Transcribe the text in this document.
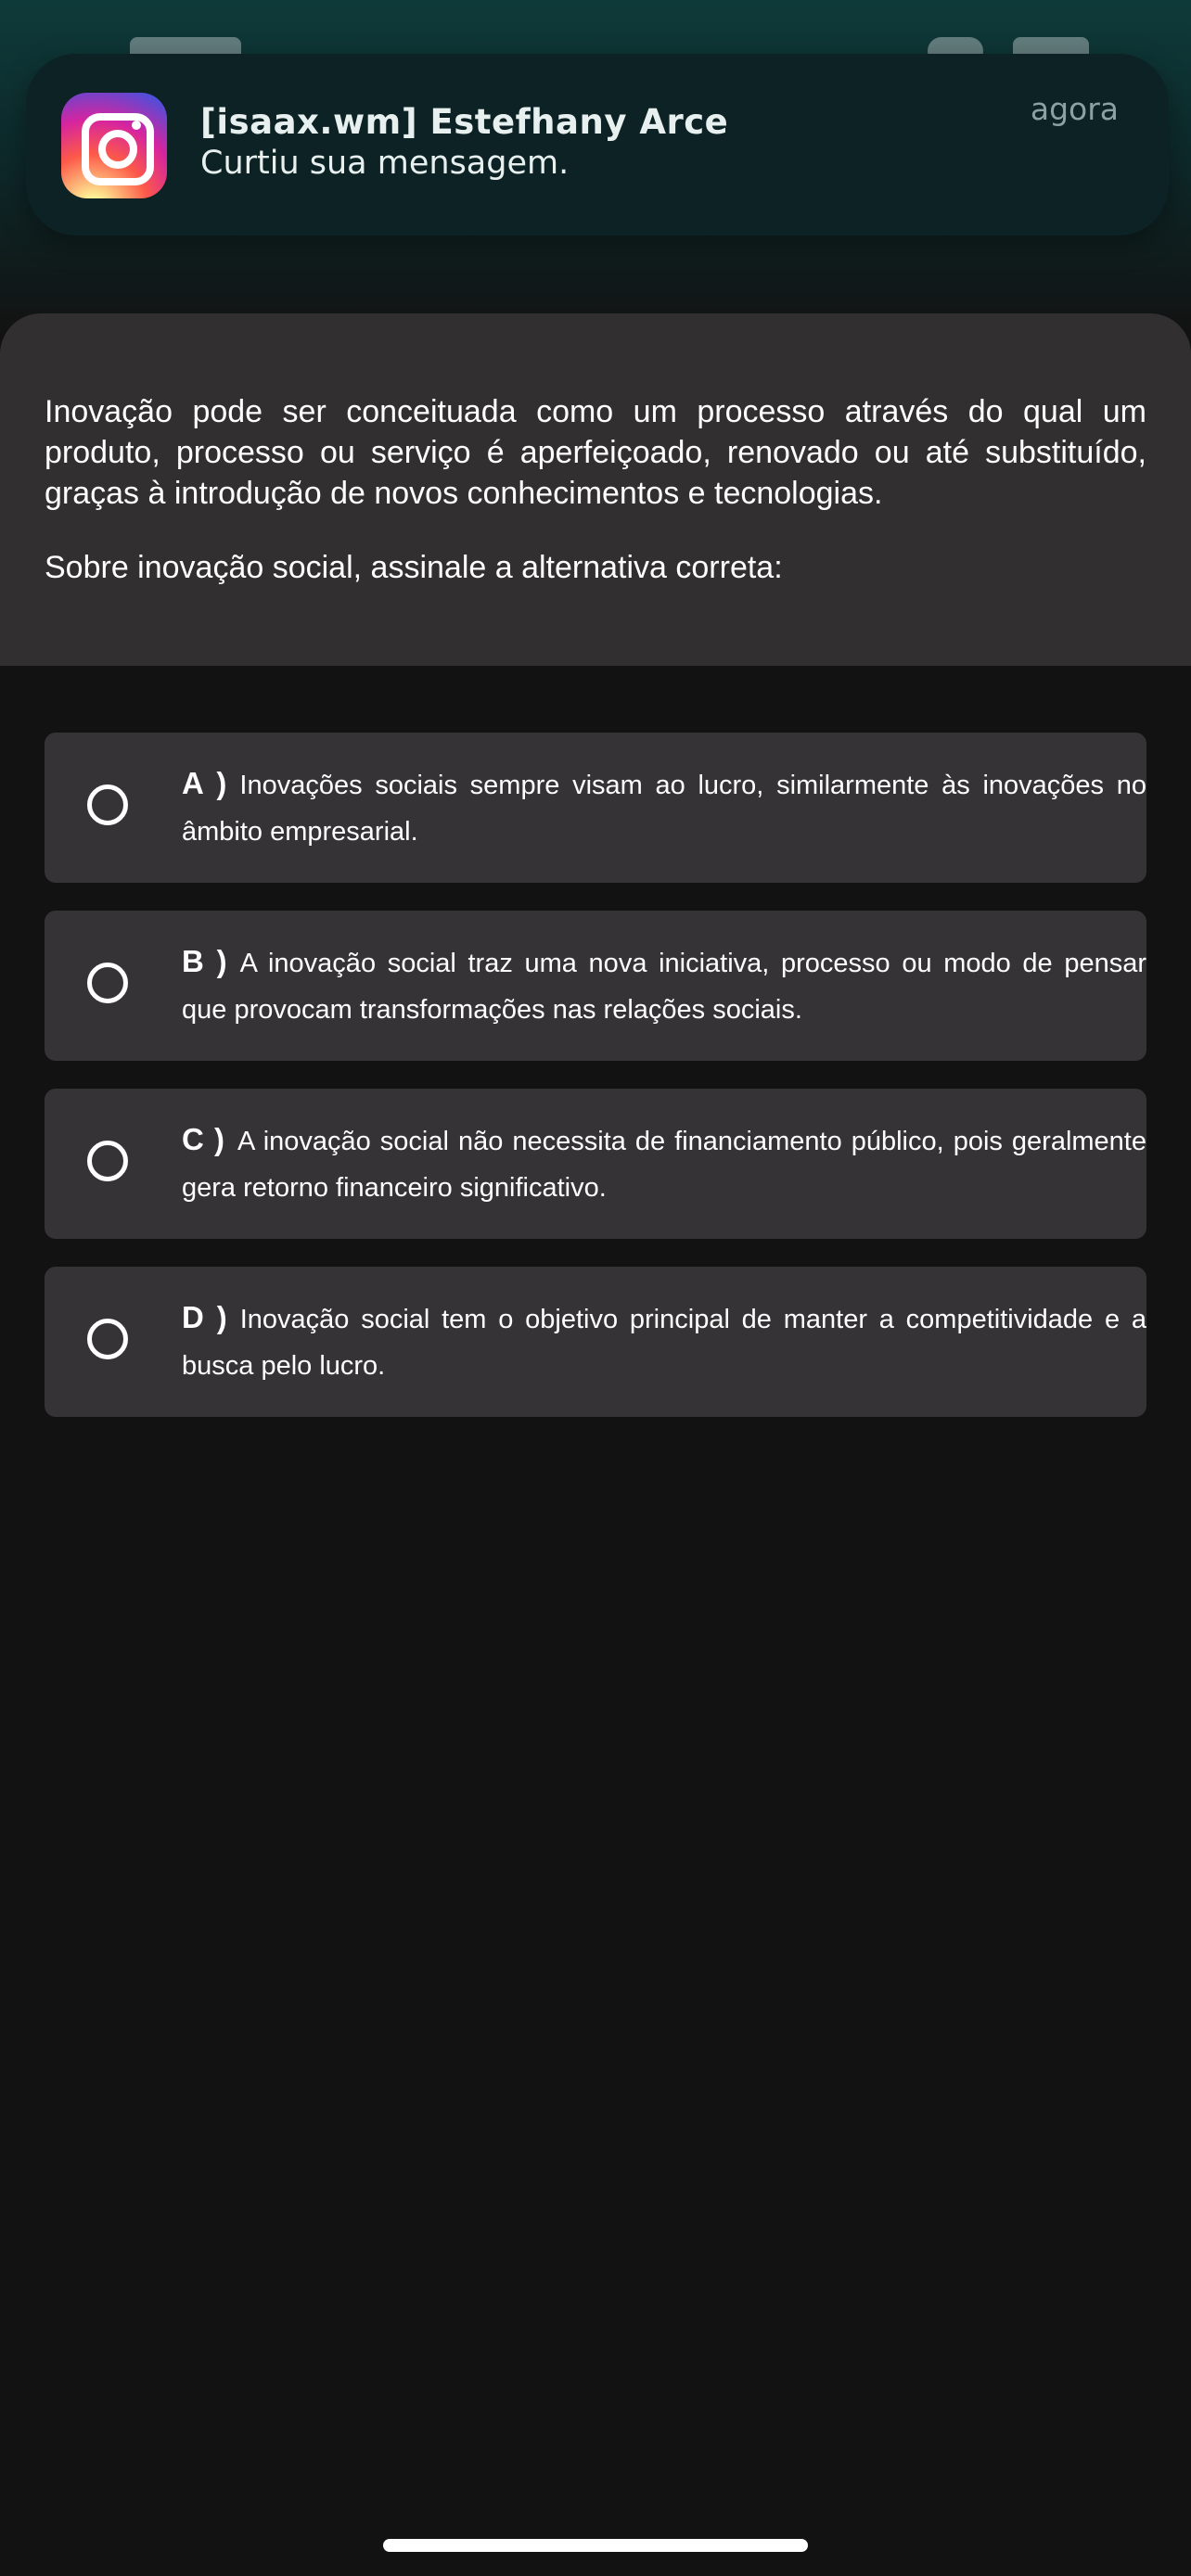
[isaax.wm] Estefhany Arce
Curtiu sua mensagem.
agora
Inovação pode ser conceituada como um processo através do qual um produto, processo ou serviço é aperfeiçoado, renovado ou até substituído, graças à introdução de novos conhecimentos e tecnologias.
Sobre inovação social, assinale a alternativa correta:
A ) Inovações sociais sempre visam ao lucro, similarmente às inovações no âmbito empresarial.
B ) A inovação social traz uma nova iniciativa, processo ou modo de pensar que provocam transformações nas relações sociais.
C ) A inovação social não necessita de financiamento público, pois geralmente gera retorno financeiro significativo.
D ) Inovação social tem o objetivo principal de manter a competitividade e a busca pelo lucro.
